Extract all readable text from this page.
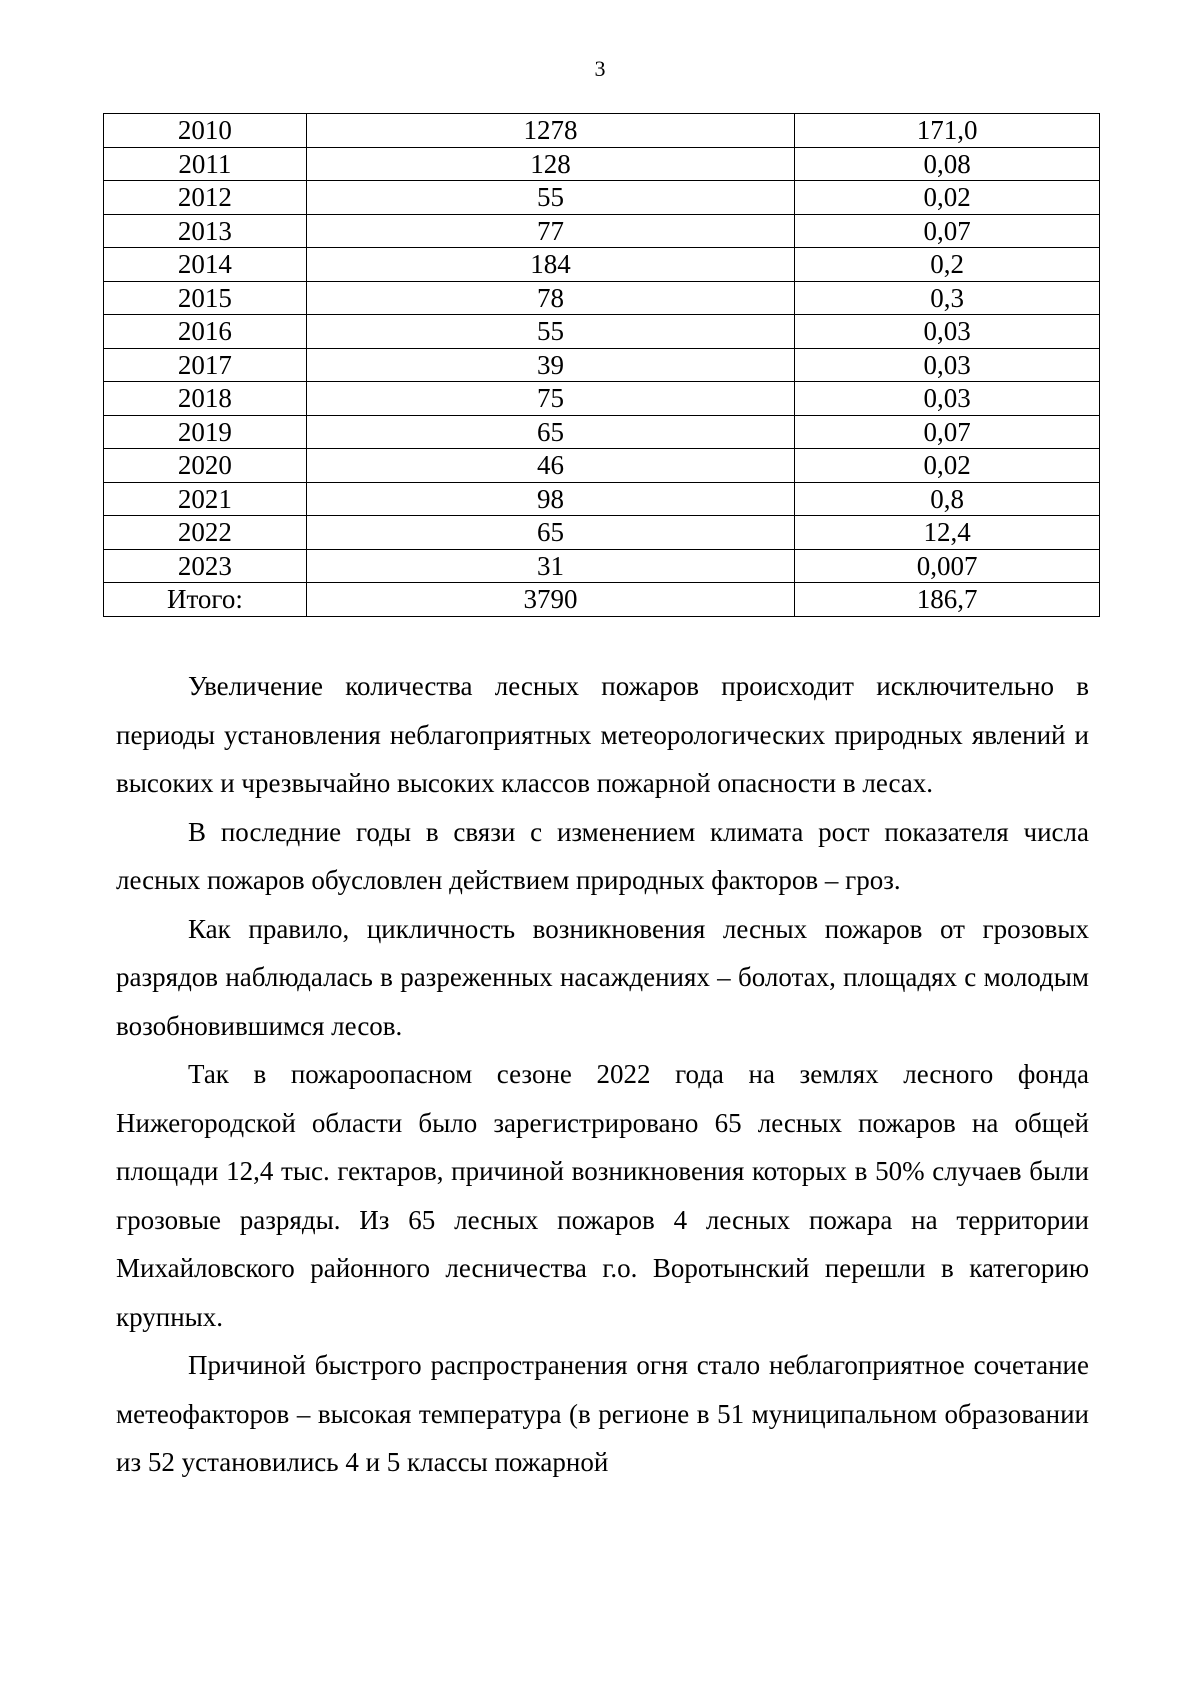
3
2010	1278	171,0
2011	128	0,08
2012	55	0,02
2013	77	0,07
2014	184	0,2
2015	78	0,3
2016	55	0,03
2017	39	0,03
2018	75	0,03
2019	65	0,07
2020	46	0,02
2021	98	0,8
2022	65	12,4
2023	31	0,007
Итого:	3790	186,7

Увеличение количества лесных пожаров происходит исключительно в периоды установления неблагоприятных метеорологических природных явлений и высоких и чрезвычайно высоких классов пожарной опасности в лесах.

В последние годы в связи с изменением климата рост показателя числа лесных пожаров обусловлен действием природных факторов – гроз.

Как правило, цикличность возникновения лесных пожаров от грозовых разрядов наблюдалась в разреженных насаждениях – болотах, площадях с молодым возобновившимся лесов.

Так в пожароопасном сезоне 2022 года на землях лесного фонда Нижегородской области было зарегистрировано 65 лесных пожаров на общей площади 12,4 тыс. гектаров, причиной возникновения которых в 50% случаев были грозовые разряды. Из 65 лесных пожаров 4 лесных пожара на территории Михайловского районного лесничества г.о. Воротынский перешли в категорию крупных.

Причиной быстрого распространения огня стало неблагоприятное сочетание метеофакторов – высокая температура (в регионе в 51 муниципальном образовании из 52 установились 4 и 5 классы пожарной
